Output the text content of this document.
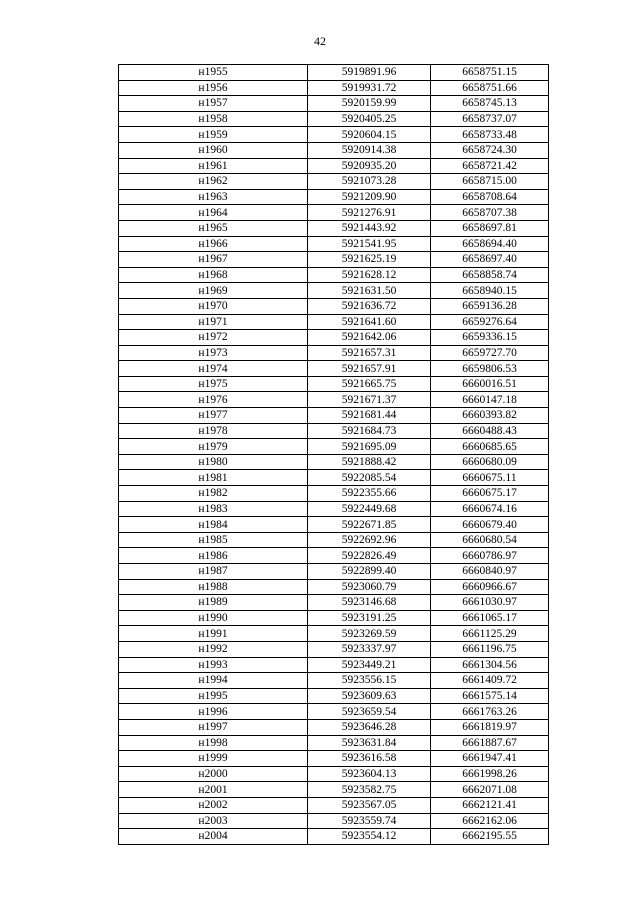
42
н1955	5919891.96	6658751.15
н1956	5919931.72	6658751.66
н1957	5920159.99	6658745.13
н1958	5920405.25	6658737.07
н1959	5920604.15	6658733.48
н1960	5920914.38	6658724.30
н1961	5920935.20	6658721.42
н1962	5921073.28	6658715.00
н1963	5921209.90	6658708.64
н1964	5921276.91	6658707.38
н1965	5921443.92	6658697.81
н1966	5921541.95	6658694.40
н1967	5921625.19	6658697.40
н1968	5921628.12	6658858.74
н1969	5921631.50	6658940.15
н1970	5921636.72	6659136.28
н1971	5921641.60	6659276.64
н1972	5921642.06	6659336.15
н1973	5921657.31	6659727.70
н1974	5921657.91	6659806.53
н1975	5921665.75	6660016.51
н1976	5921671.37	6660147.18
н1977	5921681.44	6660393.82
н1978	5921684.73	6660488.43
н1979	5921695.09	6660685.65
н1980	5921888.42	6660680.09
н1981	5922085.54	6660675.11
н1982	5922355.66	6660675.17
н1983	5922449.68	6660674.16
н1984	5922671.85	6660679.40
н1985	5922692.96	6660680.54
н1986	5922826.49	6660786.97
н1987	5922899.40	6660840.97
н1988	5923060.79	6660966.67
н1989	5923146.68	6661030.97
н1990	5923191.25	6661065.17
н1991	5923269.59	6661125.29
н1992	5923337.97	6661196.75
н1993	5923449.21	6661304.56
н1994	5923556.15	6661409.72
н1995	5923609.63	6661575.14
н1996	5923659.54	6661763.26
н1997	5923646.28	6661819.97
н1998	5923631.84	6661887.67
н1999	5923616.58	6661947.41
н2000	5923604.13	6661998.26
н2001	5923582.75	6662071.08
н2002	5923567.05	6662121.41
н2003	5923559.74	6662162.06
н2004	5923554.12	6662195.55
